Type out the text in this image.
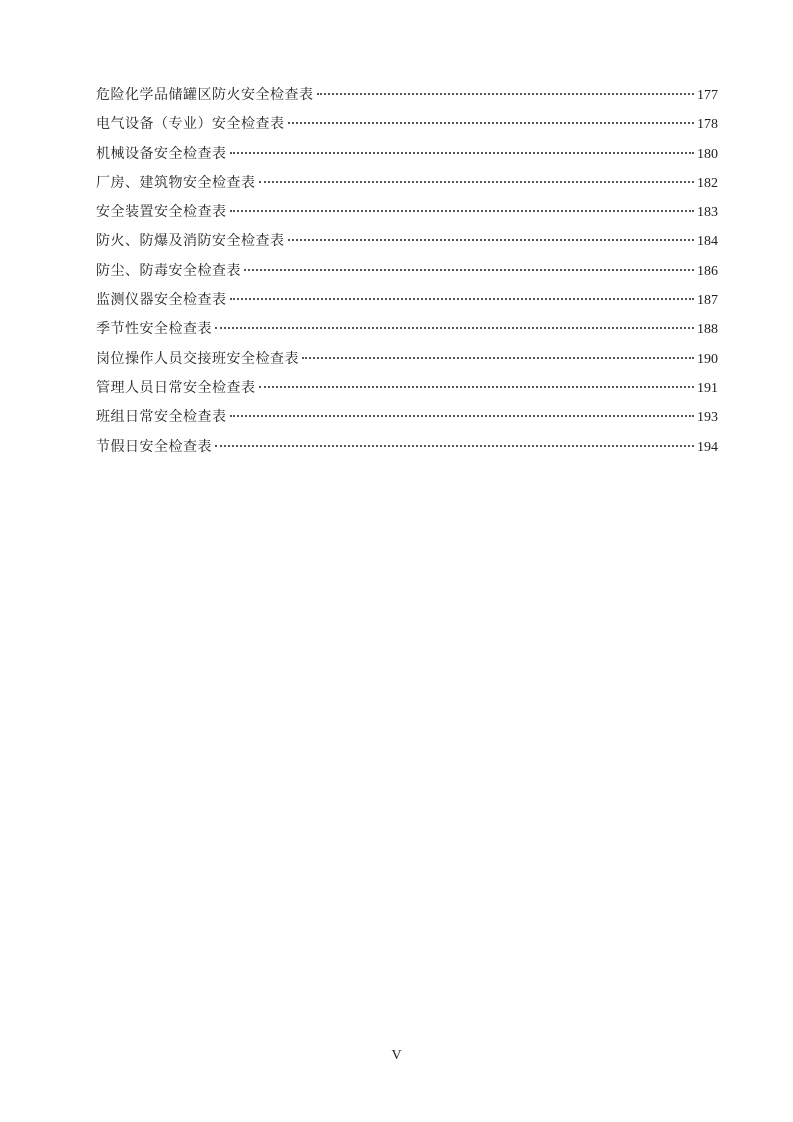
危险化学品储罐区防火安全检查表	177
电气设备（专业）安全检查表	178
机械设备安全检查表	180
厂房、建筑物安全检查表	182
安全装置安全检查表	183
防火、防爆及消防安全检查表	184
防尘、防毒安全检查表	186
监测仪器安全检查表	187
季节性安全检查表	188
岗位操作人员交接班安全检查表	190
管理人员日常安全检查表	191
班组日常安全检查表	193
节假日安全检查表	194
V
